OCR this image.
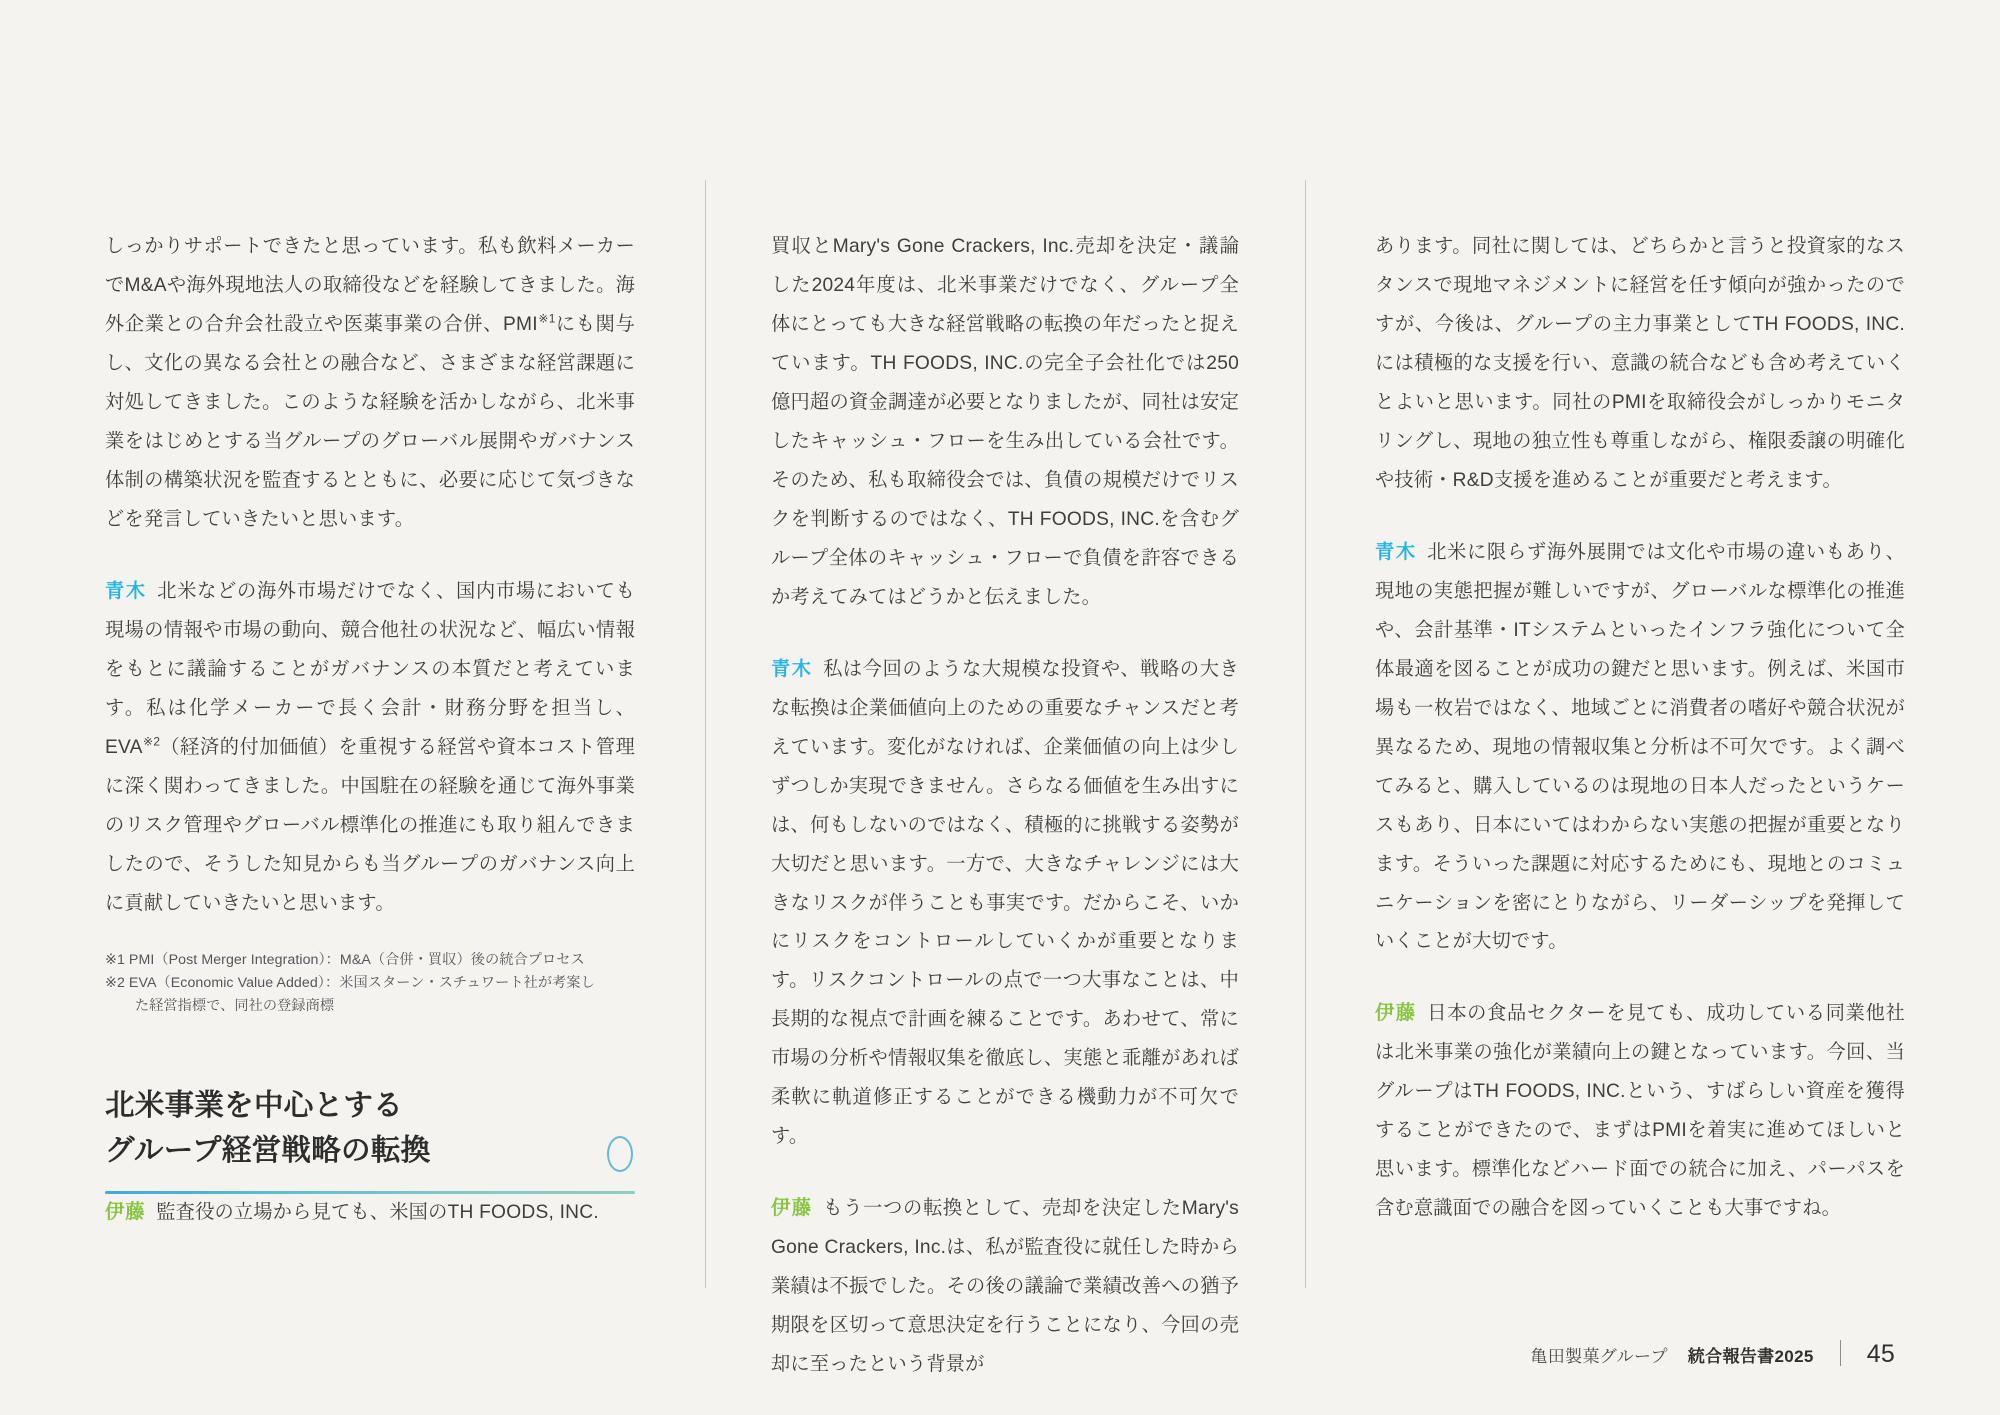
しっかりサポートできたと思っています。私も飲料メーカーでM&Aや海外現地法人の取締役などを経験してきました。海外企業との合弁会社設立や医薬事業の合併、PMI$^{※1}$にも関与し、文化の異なる会社との融合など、さまざまな経営課題に対処してきました。このような経験を活かしながら、北米事業をはじめとする当グループのグローバル展開やガバナンス体制の構築状況を監査するとともに、必要に応じて気づきなどを発言していきたいと思います。

青木 北米などの海外市場だけでなく、国内市場においても現場の情報や市場の動向、競合他社の状況など、幅広い情報をもとに議論することがガバナンスの本質だと考えています。私は化学メーカーで長く会計・財務分野を担当し、EVA$^{※2}$（経済的付加価値）を重視する経営や資本コスト管理に深く関わってきました。中国駐在の経験を通じて海外事業のリスク管理やグローバル標準化の推進にも取り組んできましたので、そうした知見からも当グループのガバナンス向上に貢献していきたいと思います。

※1 PMI（Post Merger Integration）：M&A（合併・買収）後の統合プロセス
※2 EVA（Economic Value Added）：米国スターン・スチュワート社が考案し
た経営指標で、同社の登録商標
北米事業を中心とする
グループ経営戦略の転換

伊藤 監査役の立場から見ても、米国のTH FOODS, INC.

買収とMary's Gone Crackers, Inc.売却を決定・議論した2024年度は、北米事業だけでなく、グループ全体にとっても大きな経営戦略の転換の年だったと捉えています。TH FOODS, INC.の完全子会社化では250億円超の資金調達が必要となりましたが、同社は安定したキャッシュ・フローを生み出している会社です。そのため、私も取締役会では、負債の規模だけでリスクを判断するのではなく、TH FOODS, INC.を含むグループ全体のキャッシュ・フローで負債を許容できるか考えてみてはどうかと伝えました。

青木 私は今回のような大規模な投資や、戦略の大きな転換は企業価値向上のための重要なチャンスだと考えています。変化がなければ、企業価値の向上は少しずつしか実現できません。さらなる価値を生み出すには、何もしないのではなく、積極的に挑戦する姿勢が大切だと思います。一方で、大きなチャレンジには大きなリスクが伴うことも事実です。だからこそ、いかにリスクをコントロールしていくかが重要となります。リスクコントロールの点で一つ大事なことは、中長期的な視点で計画を練ることです。あわせて、常に市場の分析や情報収集を徹底し、実態と乖離があれば柔軟に軌道修正することができる機動力が不可欠です。

伊藤 もう一つの転換として、売却を決定したMary's Gone Crackers, Inc.は、私が監査役に就任した時から業績は不振でした。その後の議論で業績改善への猶予期限を区切って意思決定を行うことになり、今回の売却に至ったという背景が

あります。同社に関しては、どちらかと言うと投資家的なスタンスで現地マネジメントに経営を任す傾向が強かったのですが、今後は、グループの主力事業としてTH FOODS, INC.には積極的な支援を行い、意識の統合なども含め考えていくとよいと思います。同社のPMIを取締役会がしっかりモニタリングし、現地の独立性も尊重しながら、権限委譲の明確化や技術・R&D支援を進めることが重要だと考えます。

青木 北米に限らず海外展開では文化や市場の違いもあり、現地の実態把握が難しいですが、グローバルな標準化の推進や、会計基準・ITシステムといったインフラ強化について全体最適を図ることが成功の鍵だと思います。例えば、米国市場も一枚岩ではなく、地域ごとに消費者の嗜好や競合状況が異なるため、現地の情報収集と分析は不可欠です。よく調べてみると、購入しているのは現地の日本人だったというケースもあり、日本にいてはわからない実態の把握が重要となります。そういった課題に対応するためにも、現地とのコミュニケーションを密にとりながら、リーダーシップを発揮していくことが大切です。

伊藤 日本の食品セクターを見ても、成功している同業他社は北米事業の強化が業績向上の鍵となっています。今回、当グループはTH FOODS, INC.という、すばらしい資産を獲得することができたので、まずはPMIを着実に進めてほしいと思います。標準化などハード面での統合に加え、パーパスを含む意識面での融合を図っていくことも大事ですね。

亀田製菓グループ 統合報告書2025 45
